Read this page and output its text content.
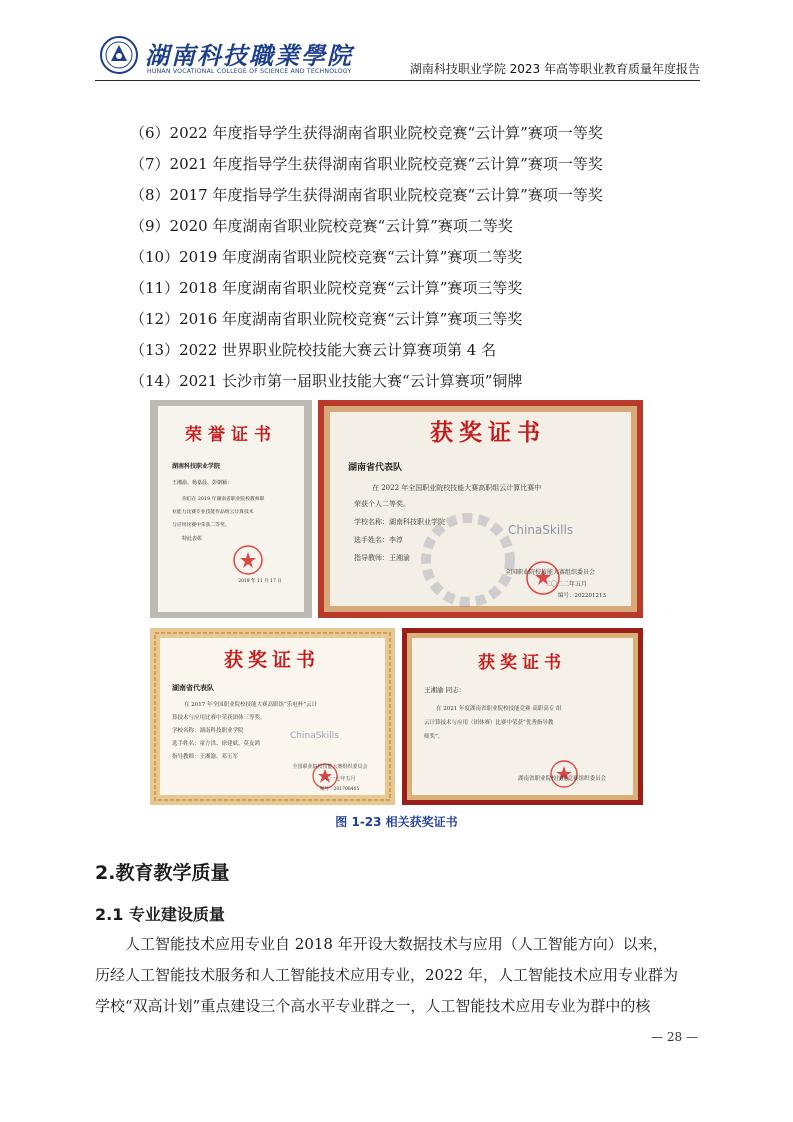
湖南科技職業學院
HUNAN VOCATIONAL COLLEGE OF SCIENCE AND TECHNOLOGY	湖南科技职业学院 2023 年高等职业教育质量年度报告
（6）2022 年度指导学生获得湖南省职业院校竞赛“云计算”赛项一等奖
（7）2021 年度指导学生获得湖南省职业院校竞赛“云计算”赛项一等奖
（8）2017 年度指导学生获得湖南省职业院校竞赛“云计算”赛项一等奖
（9）2020 年度湖南省职业院校竞赛“云计算”赛项二等奖
（10）2019 年度湖南省职业院校竞赛“云计算”赛项二等奖
（11）2018 年度湖南省职业院校竞赛“云计算”赛项三等奖
（12）2016 年度湖南省职业院校竞赛“云计算”赛项三等奖
（13）2022 世界职业院校技能大赛云计算赛项第 4 名
（14）2021 长沙市第一届职业技能大赛“云计算赛项”铜牌
荣誉证书
湖南科技职业学院
王湘渝、杨嘉晨、彭朝颖：
你们在 2019 年湖南省职业院校教师职
业能力比赛专业技能作品组云计算技术
与应用比赛中荣获二等奖。
特此表彰
2019 年 11 月 17 日
获奖证书
湖南省代表队
在 2022 年全国职业院校技能大赛高职组云计算比赛中
荣获个人二等奖。
学校名称：湖南科技职业学院
ChinaSkills
选手姓名：李淳
指导教师：王湘渝
全国职业院校技能大赛组织委员会
二〇二二年五月
编号：202201213
获奖证书
湖南省代表队
在 2017 年全国职业院校技能大赛高职组“乐电杯”云计
算技术与应用比赛中荣获团体三等奖。
学校名称：湖南科技职业学院	ChinaSkills
选手姓名：童方洪、徐建斌、莫友鸿
指导教师：王湘渝、邓玉军
全国职业院校技能大赛组织委员会
二〇一七年五月
编号：201708405
获奖证书
王湘渝 同志：
在 2021 年度湖南省职业院校技能竞赛 高职高专 组
云计算技术与应用（团体赛）比赛中荣获“优秀指导教
师奖”。
湖南省职业院校技能竞赛组织委员会
图 1-23 相关获奖证书
2.教育教学质量
2.1 专业建设质量

人工智能技术应用专业自 2018 年开设大数据技术与应用（人工智能方向）以来，
历经人工智能技术服务和人工智能技术应用专业，2022 年，人工智能技术应用专业群为
学校“双高计划”重点建设三个高水平专业群之一，人工智能技术应用专业为群中的核

— 28 —
